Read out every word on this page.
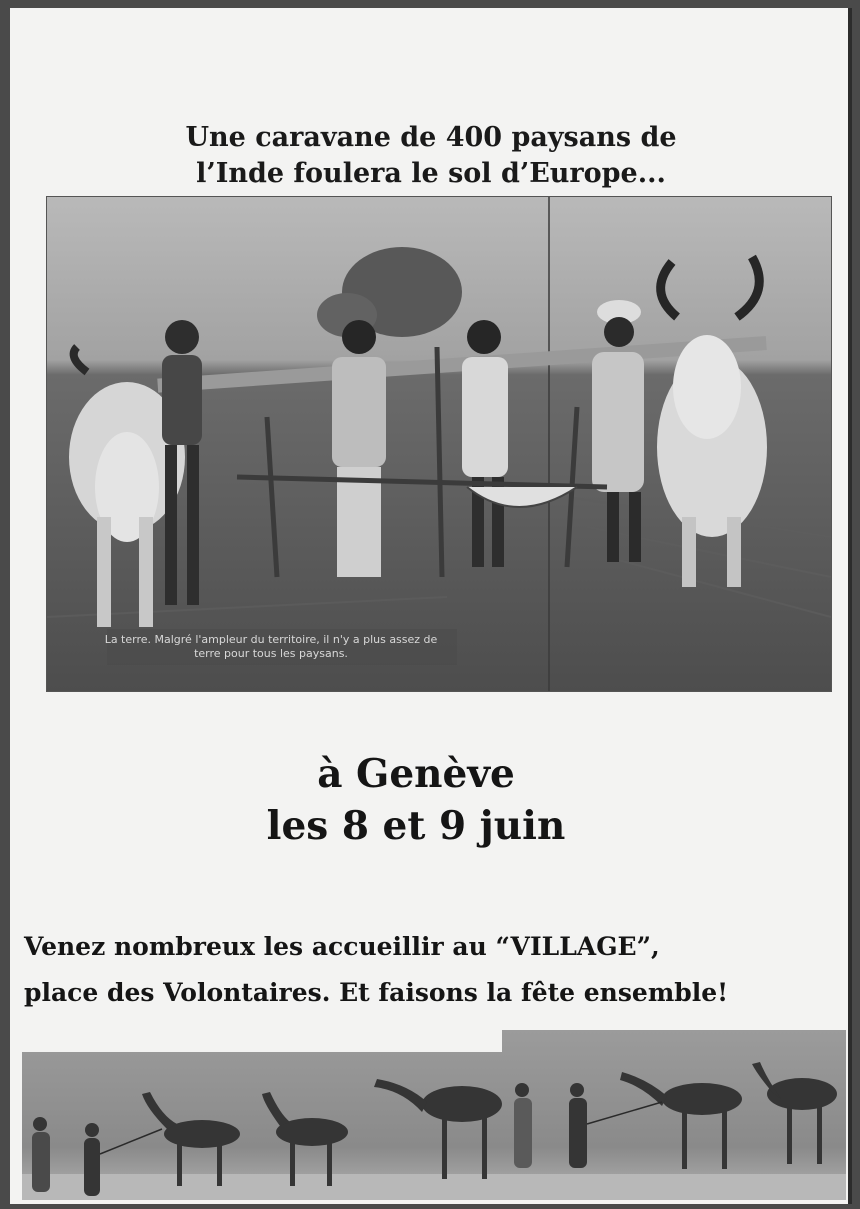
Une caravane de 400 paysans de
l’Inde foulera le sol d’Europe...
La terre. Malgré l'ampleur du territoire, il n'y a plus assez de terre pour tous les paysans.
à Genève
les 8 et 9 juin

Venez nombreux les accueillir au “VILLAGE”,
place des Volontaires. Et faisons la fête ensemble!
